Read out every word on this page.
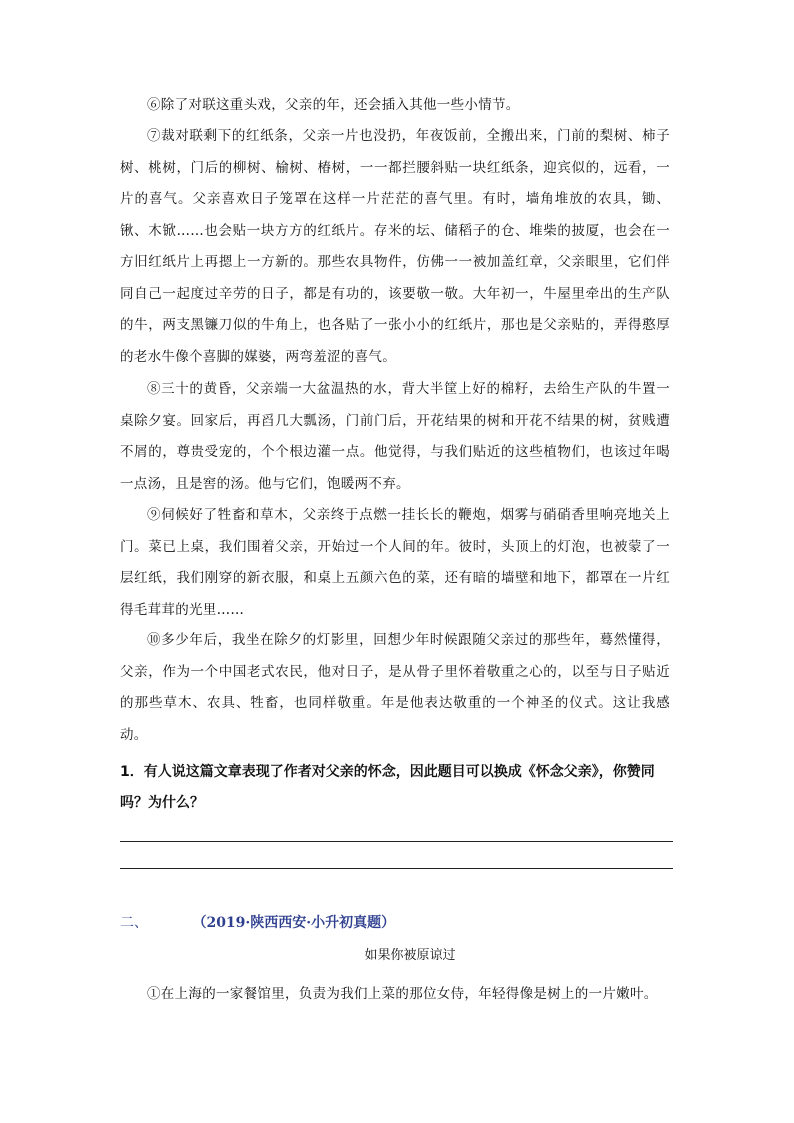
⑥除了对联这重头戏，父亲的年，还会插入其他一些小情节。

⑦裁对联剩下的红纸条，父亲一片也没扔，年夜饭前，全搬出来，门前的梨树、柿子树、桃树，门后的柳树、榆树、椿树，一一都拦腰斜贴一块红纸条，迎宾似的，远看，一片的喜气。父亲喜欢日子笼罩在这样一片茫茫的喜气里。有时，墙角堆放的农具，锄、锹、木锨……也会贴一块方方的红纸片。存米的坛、储稻子的仓、堆柴的披厦，也会在一方旧红纸片上再摁上一方新的。那些农具物件，仿佛一一被加盖红章，父亲眼里，它们伴同自己一起度过辛劳的日子，都是有功的，该要敬一敬。大年初一，牛屋里牵出的生产队的牛，两支黑镰刀似的牛角上，也各贴了一张小小的红纸片，那也是父亲贴的，弄得憨厚的老水牛像个喜脚的媒婆，两弯羞涩的喜气。

⑧三十的黄昏，父亲端一大盆温热的水，背大半筐上好的棉籽，去给生产队的牛置一桌除夕宴。回家后，再舀几大瓢汤，门前门后，开花结果的树和开花不结果的树，贫贱遭不屑的，尊贵受宠的，个个根边灌一点。他觉得，与我们贴近的这些植物们，也该过年喝一点汤，且是窖的汤。他与它们，饱暖两不弃。

⑨伺候好了牲畜和草木，父亲终于点燃一挂长长的鞭炮，烟雾与硝硝香里响亮地关上门。菜已上桌，我们围着父亲，开始过一个人间的年。彼时，头顶上的灯泡，也被蒙了一层红纸，我们刚穿的新衣服，和桌上五颜六色的菜，还有暗的墙壁和地下，都罩在一片红得毛茸茸的光里……

⑩多少年后，我坐在除夕的灯影里，回想少年时候跟随父亲过的那些年，蓦然懂得，父亲，作为一个中国老式农民，他对日子，是从骨子里怀着敬重之心的，以至与日子贴近的那些草木、农具、牲畜，也同样敬重。年是他表达敬重的一个神圣的仪式。这让我感动。

1．有人说这篇文章表现了作者对父亲的怀念，因此题目可以换成《怀念父亲》，你赞同吗？为什么？

二、	（2019·陕西西安·小升初真题）

如果你被原谅过

①在上海的一家餐馆里，负责为我们上菜的那位女侍，年轻得像是树上的一片嫩叶。
